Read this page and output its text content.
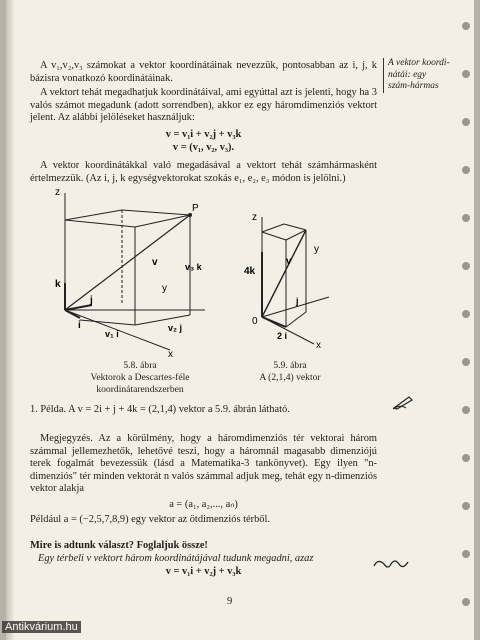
A v₁,v₂,v₃ számokat a vektor koordinátáinak nevezzük, pontosabban az i, j, k bázisra vonatkozó koordinátáinak.
A vektort tehát megadhatjuk koordinátáival, ami egyúttal azt is jelenti, hogy ha 3 valós számot megadunk (adott sorrendben), akkor ez egy háromdimenziós vektort jelent. Az alábbi jelöléseket használjuk:
v = v₁i + v₂j + v₃k
v = (v₁, v₂, v₃).
A vektor koordinátákkal való megadásával a vektort tehát számhármasként értelmezzük. (Az i, j, k egységvektorokat szokás e₁, e₂, e₃ módon is jelölni.)
A vektor koordi-nátái: egy szám-hármas
z
P
v	v₃ k
y
k
j
i
v₁ i
v₂ j
x
5.8. ábra
Vektorok a Descartes-féle
koordinátarendszerben
z
v
y
4k
j
0
2 i
x
5.9. ábra
A (2,1,4) vektor
1. Példa. A v = 2i + j + 4k = (2,1,4) vektor a 5.9. ábrán látható.
Megjegyzés. Az a körülmény, hogy a háromdimenziós tér vektorai három számmal jellemezhetők, lehetővé teszi, hogy a háromnál magasabb dimenziójú terek fogalmát bevezessük (lásd a Matematika-3 tankönyvet). Egy ilyen "n-dimenziós" tér minden vektorát n valós számmal adjuk meg, tehát egy n-dimenziós vektor alakja
a = (a₁, a₂,..., aₙ)
Például a = (−2,5,7,8,9) egy vektor az ötdimenziós térből.
Mire is adtunk választ? Foglaljuk össze!
Egy térbeli v vektort három koordinátájával tudunk megadni, azaz
v = v₁i + v₂j + v₃k
9
Antikvárium.hu
